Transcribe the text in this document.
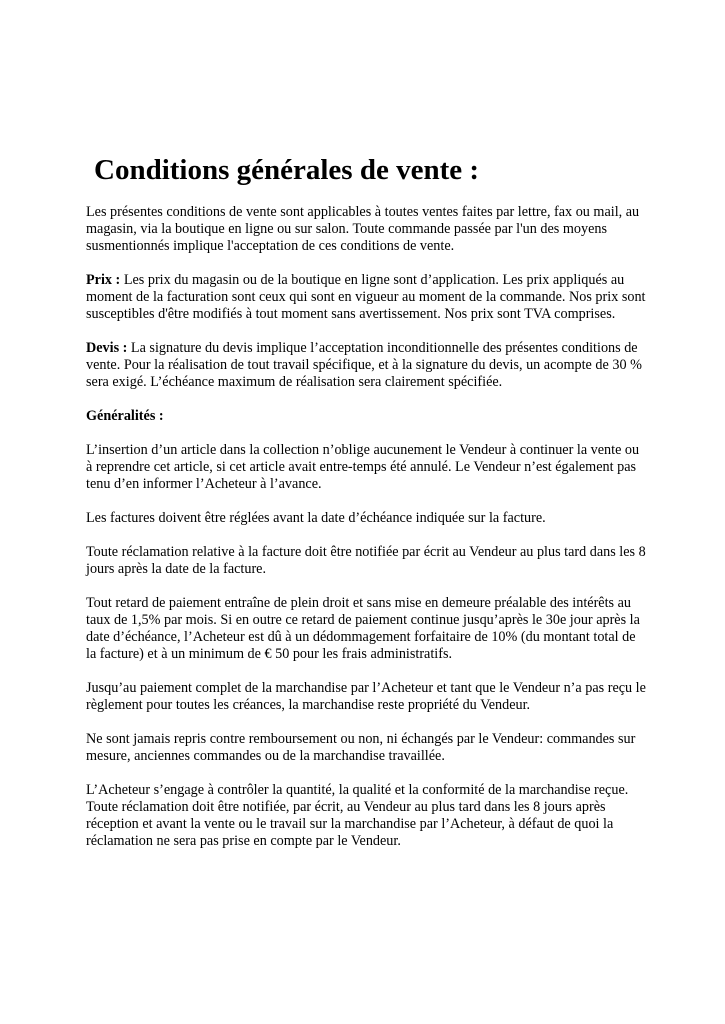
Conditions générales de vente :

Les présentes conditions de vente sont applicables à toutes ventes faites par lettre, fax ou mail, au magasin, via la boutique en ligne ou sur salon. Toute commande passée par l'un des moyens susmentionnés implique l'acceptation de ces conditions de vente.

Prix : Les prix du magasin ou de la boutique en ligne sont d’application. Les prix appliqués au moment de la facturation sont ceux qui sont en vigueur au moment de la commande. Nos prix sont susceptibles d'être modifiés à tout moment sans avertissement. Nos prix sont TVA comprises.

Devis : La signature du devis implique l’acceptation inconditionnelle des présentes conditions de vente. Pour la réalisation de tout travail spécifique, et à la signature du devis, un acompte de 30 % sera exigé. L’échéance maximum de réalisation sera clairement spécifiée.

Généralités :

L’insertion d’un article dans la collection n’oblige aucunement le Vendeur à continuer la vente ou à reprendre cet article, si cet article avait entre-temps été annulé. Le Vendeur n’est également pas tenu d’en informer l’Acheteur à l’avance.

Les factures doivent être réglées avant la date d’échéance indiquée sur la facture.

Toute réclamation relative à la facture doit être notifiée par écrit au Vendeur au plus tard dans les 8 jours après la date de la facture.

Tout retard de paiement entraîne de plein droit et sans mise en demeure préalable des intérêts au taux de 1,5% par mois. Si en outre ce retard de paiement continue jusqu’après le 30e jour après la date d’échéance, l’Acheteur est dû à un dédommagement forfaitaire de 10% (du montant total de la facture) et à un minimum de € 50 pour les frais administratifs.

Jusqu’au paiement complet de la marchandise par l’Acheteur et tant que le Vendeur n’a pas reçu le règlement pour toutes les créances, la marchandise reste propriété du Vendeur.

Ne sont jamais repris contre remboursement ou non, ni échangés par le Vendeur: commandes sur mesure, anciennes commandes ou de la marchandise travaillée.

L’Acheteur s’engage à contrôler la quantité, la qualité et la conformité de la marchandise reçue. Toute réclamation doit être notifiée, par écrit, au Vendeur au plus tard dans les 8 jours après réception et avant la vente ou le travail sur la marchandise par l’Acheteur, à défaut de quoi la réclamation ne sera pas prise en compte par le Vendeur.
